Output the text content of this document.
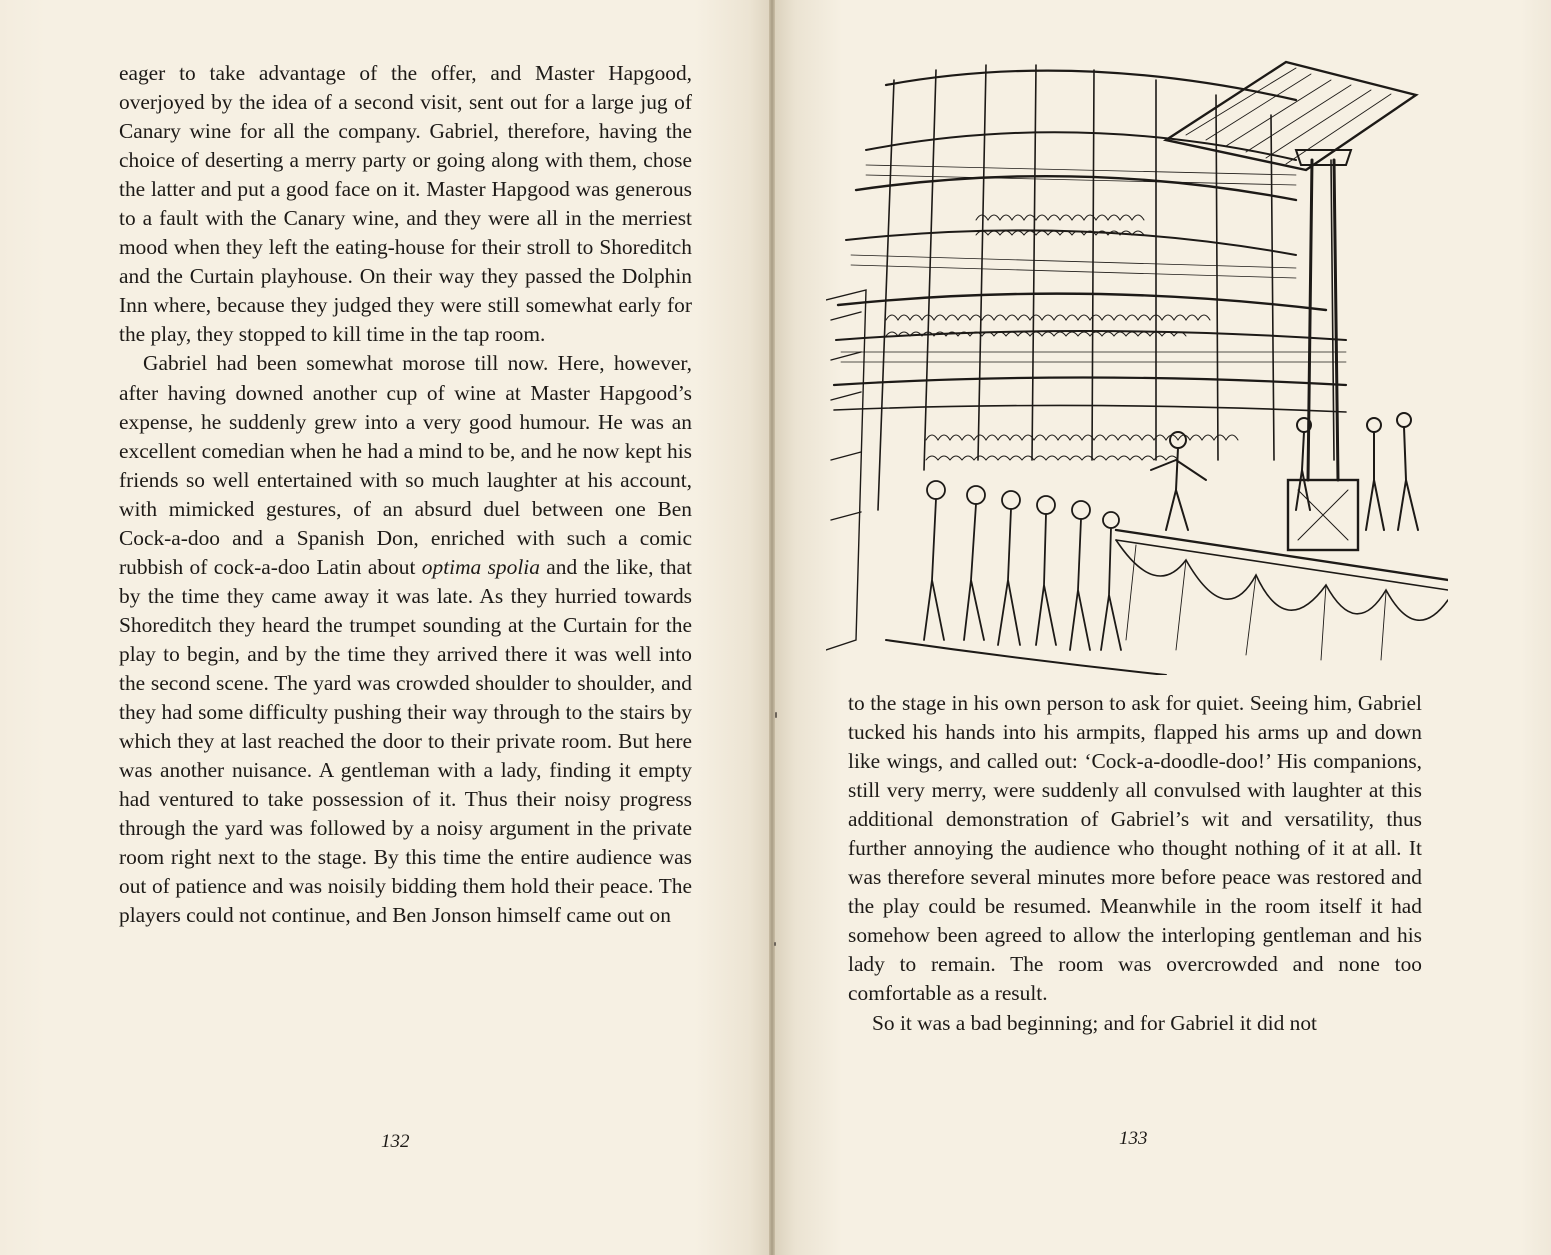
eager to take advantage of the offer, and Master Hapgood, overjoyed by the idea of a second visit, sent out for a large jug of Canary wine for all the company. Gabriel, therefore, having the choice of deserting a merry party or going along with them, chose the latter and put a good face on it. Master Hapgood was generous to a fault with the Canary wine, and they were all in the merriest mood when they left the eating-house for their stroll to Shoreditch and the Curtain playhouse. On their way they passed the Dolphin Inn where, because they judged they were still somewhat early for the play, they stopped to kill time in the tap room.

Gabriel had been somewhat morose till now. Here, however, after having downed another cup of wine at Master Hapgood’s expense, he suddenly grew into a very good humour. He was an excellent comedian when he had a mind to be, and he now kept his friends so well entertained with so much laughter at his account, with mimicked gestures, of an absurd duel between one Ben Cock-a-doo and a Spanish Don, enriched with such a comic rubbish of cock-a-doo Latin about optima spolia and the like, that by the time they came away it was late. As they hurried towards Shoreditch they heard the trumpet sounding at the Curtain for the play to begin, and by the time they arrived there it was well into the second scene. The yard was crowded shoulder to shoulder, and they had some difficulty pushing their way through to the stairs by which they at last reached the door to their private room. But here was another nuisance. A gentleman with a lady, finding it empty had ventured to take possession of it. Thus their noisy progress through the yard was followed by a noisy argument in the private room right next to the stage. By this time the entire audience was out of patience and was noisily bidding them hold their peace. The players could not continue, and Ben Jonson himself came out on

132

to the stage in his own person to ask for quiet. Seeing him, Gabriel tucked his hands into his armpits, flapped his arms up and down like wings, and called out: ‘Cock-a-doodle-doo!’ His companions, still very merry, were suddenly all convulsed with laughter at this additional demonstration of Gabriel’s wit and versatility, thus further annoying the audience who thought nothing of it at all. It was therefore several minutes more before peace was restored and the play could be resumed. Meanwhile in the room itself it had somehow been agreed to allow the interloping gentleman and his lady to remain. The room was overcrowded and none too comfortable as a result.

So it was a bad beginning; and for Gabriel it did not

133
